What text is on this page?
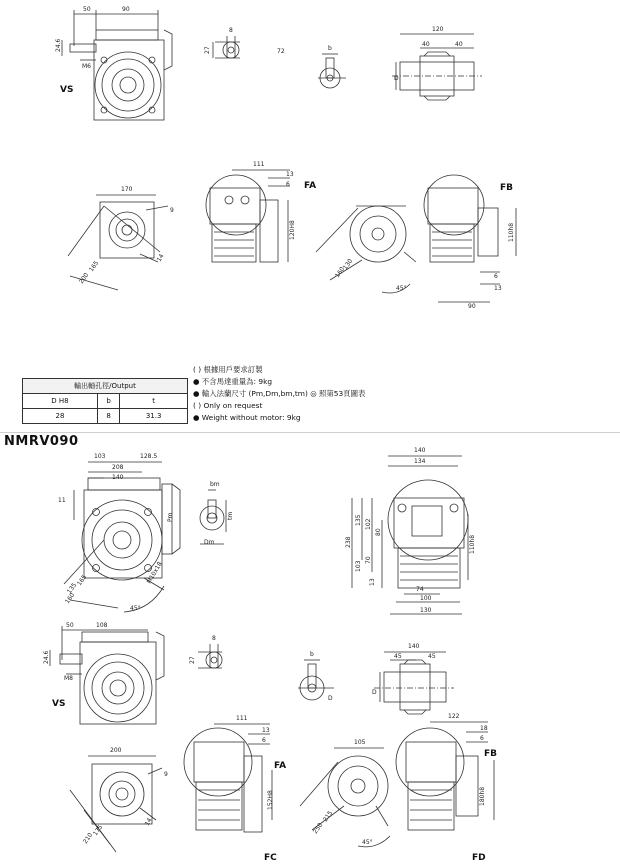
50	90
24.6
M6
VS
8
27	72	b
D
120
40	40
170
9
165
200
14
111
13
6
120H8
FA
130
160
45°
FB
110h8
6
13
90
103	128.5
208
140
11
Pm
165
135
160
M10x18
45°
bm
tm
Dm
140
134
238
135 102
80
103
70
13
74
100
130
110h8
50	108
24.6
M8
VS
8
27
b
D
140
45	45
D
200
9
14
175
210
111
13
6
152H8
FA
FC
105
215
250
45°
122
18
6
180h8
FB
FD
輸出軸孔徑/Output		
D H8	b	t
28	8	31.3
( ) 根據用戶要求訂製
● 不含馬達重量為: 9kg
● 輸入法蘭尺寸 (Pm,Dm,bm,tm) ◎ 照第53頁圖表
( ) Only on request
● Weight without motor: 9kg
NMRV090
